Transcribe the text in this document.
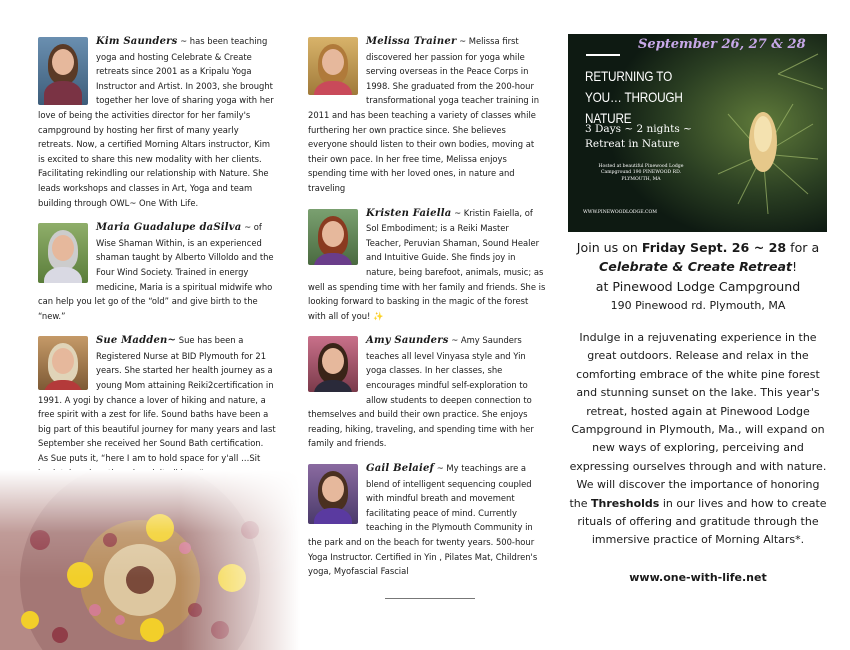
Kim Saunders ~ has been teaching yoga and hosting Celebrate & Create retreats since 2001 as a Kripalu Yoga Instructor and Artist. In 2003, she brought together her love of sharing yoga with her love of being the activities director for her family's campground by hosting her first of many yearly retreats. Now, a certified Morning Altars instructor, Kim is excited to share this new modality with her clients. Facilitating rekindling our relationship with Nature. She leads workshops and classes in Art, Yoga and team building through OWL~ One With Life.
Maria Guadalupe daSilva
~ of Wise Shaman Within, is an experienced shaman taught by Alberto Villoldo and the Four Wind Society. Trained in energy medicine, Maria is a spiritual midwife who can help you let go of the “old” and give birth to the “new.”
Sue Madden~
Sue has been a Registered Nurse at BID Plymouth for 21 years. She started her health journey as a young Mom attaining Reiki2certification in 1991. A yogi by chance a lover of hiking and nature, a free spirit with a zest for life. Sound baths have been a big part of this beautiful journey for many years and last September she received her Sound Bath certification. As Sue puts it, “here I am to hold space for y'all …Sit
Melissa Trainer
~ Melissa first discovered her passion for yoga while serving overseas in the Peace Corps in 1998. She graduated from the 200-hour transformational yoga teacher training in 2011 and has been teaching a variety of classes while furthering her own practice since. She believes everyone should listen to their own bodies, moving at their own pace. In her free time, Melissa enjoys spending time with her loved ones, in nature and traveling
Kristen Faiella
~ Kristin Faiella, of Sol Embodiment; is a Reiki Master Teacher, Peruvian Shaman, Sound Healer and Intuitive Guide. She finds joy in nature, being barefoot, animals, music; as well as spending time with her family and friends. She is looking forward to basking in the magic of the forest with all of you! ✨
Amy Saunders
~ Amy Saunders teaches all level Vinyasa style and Yin yoga classes. In her classes, she encourages mindful self-exploration to allow students to deepen connection to themselves and build their own practice. She enjoys reading, hiking, traveling, and spending time with her family and friends.
Gail Belaief
~ My teachings are a blend of intelligent sequencing coupled with mindful breath and movement facilitating peace of mind. Currently teaching in the Plymouth Community in the park and on the beach for twenty years. 500-hour Yoga Instructor. Certified in Yin , Pilates Mat, Children's yoga, Myofascial Fascial
September 26, 27 & 28
RETURNING TO YOU… THROUGH NATURE
3 Days ~ 2 nights ~ Retreat in Nature
Hosted at beautiful Pinewood Lodge Campground 190 PINEWOOD RD. PLYMOUTH, MA
WWW.PINEWOODLODGE.COM
Join us on Friday Sept. 26 ~ 28 for a
Celebrate & Create Retreat!
at Pinewood Lodge Campground
190 Pinewood rd. Plymouth, MA
Indulge in a rejuvenating experience in the great outdoors. Release and relax in the comforting embrace of the white pine forest and stunning sunset on the lake. This year's retreat, hosted again at Pinewood Lodge Campground in Plymouth, Ma., will expand on new ways of exploring, perceiving and expressing ourselves through and with nature. We will discover the importance of honoring the Thresholds in our lives and how to create rituals of offering and gratitude through the immersive practice of Morning Altars*.
www.one-with-life.net
